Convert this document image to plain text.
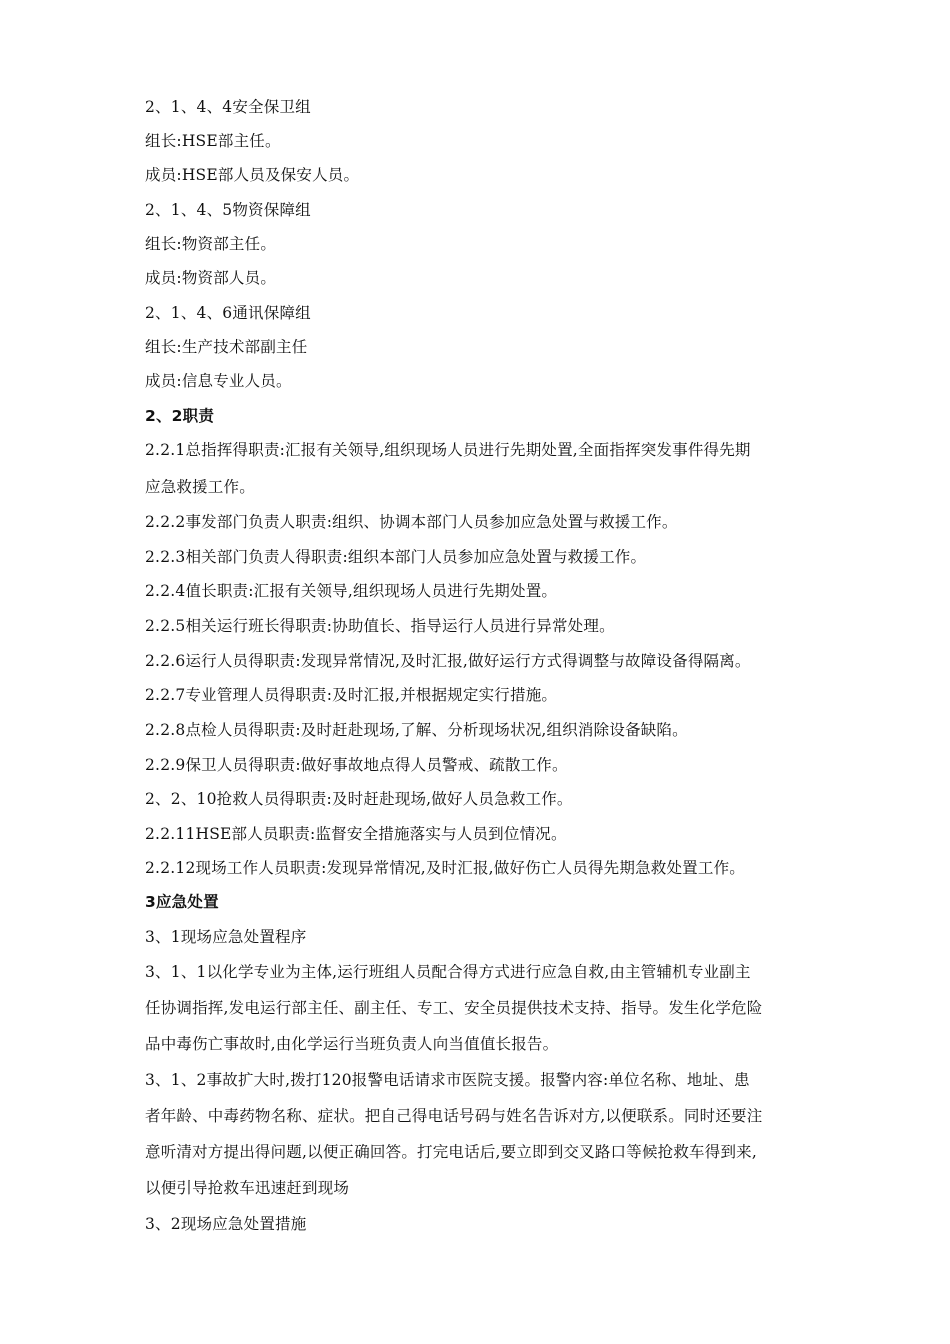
2、1、4、4安全保卫组
组长:HSE部主任。
成员:HSE部人员及保安人员。
2、1、4、5物资保障组
组长:物资部主任。
成员:物资部人员。
2、1、4、6通讯保障组
组长:生产技术部副主任
成员:信息专业人员。
2、2职责
2.2.1总指挥得职责:汇报有关领导,组织现场人员进行先期处置,全面指挥突发事件得先期
应急救援工作。
2.2.2事发部门负责人职责:组织、协调本部门人员参加应急处置与救援工作。
2.2.3相关部门负责人得职责:组织本部门人员参加应急处置与救援工作。
2.2.4值长职责:汇报有关领导,组织现场人员进行先期处置。
2.2.5相关运行班长得职责:协助值长、指导运行人员进行异常处理。
2.2.6运行人员得职责:发现异常情况,及时汇报,做好运行方式得调整与故障设备得隔离。
2.2.7专业管理人员得职责:及时汇报,并根据规定实行措施。
2.2.8点检人员得职责:及时赶赴现场,了解、分析现场状况,组织消除设备缺陷。
2.2.9保卫人员得职责:做好事故地点得人员警戒、疏散工作。
2、2、10抢救人员得职责:及时赶赴现场,做好人员急救工作。
2.2.11HSE部人员职责:监督安全措施落实与人员到位情况。
2.2.12现场工作人员职责:发现异常情况,及时汇报,做好伤亡人员得先期急救处置工作。
3应急处置
3、1现场应急处置程序
3、1、1以化学专业为主体,运行班组人员配合得方式进行应急自救,由主管辅机专业副主
任协调指挥,发电运行部主任、副主任、专工、安全员提供技术支持、指导。发生化学危险
品中毒伤亡事故时,由化学运行当班负责人向当值值长报告。
3、1、2事故扩大时,拨打120报警电话请求市医院支援。报警内容:单位名称、地址、患
者年龄、中毒药物名称、症状。把自己得电话号码与姓名告诉对方,以便联系。同时还要注
意听清对方提出得问题,以便正确回答。打完电话后,要立即到交叉路口等候抢救车得到来,
以便引导抢救车迅速赶到现场
3、2现场应急处置措施
